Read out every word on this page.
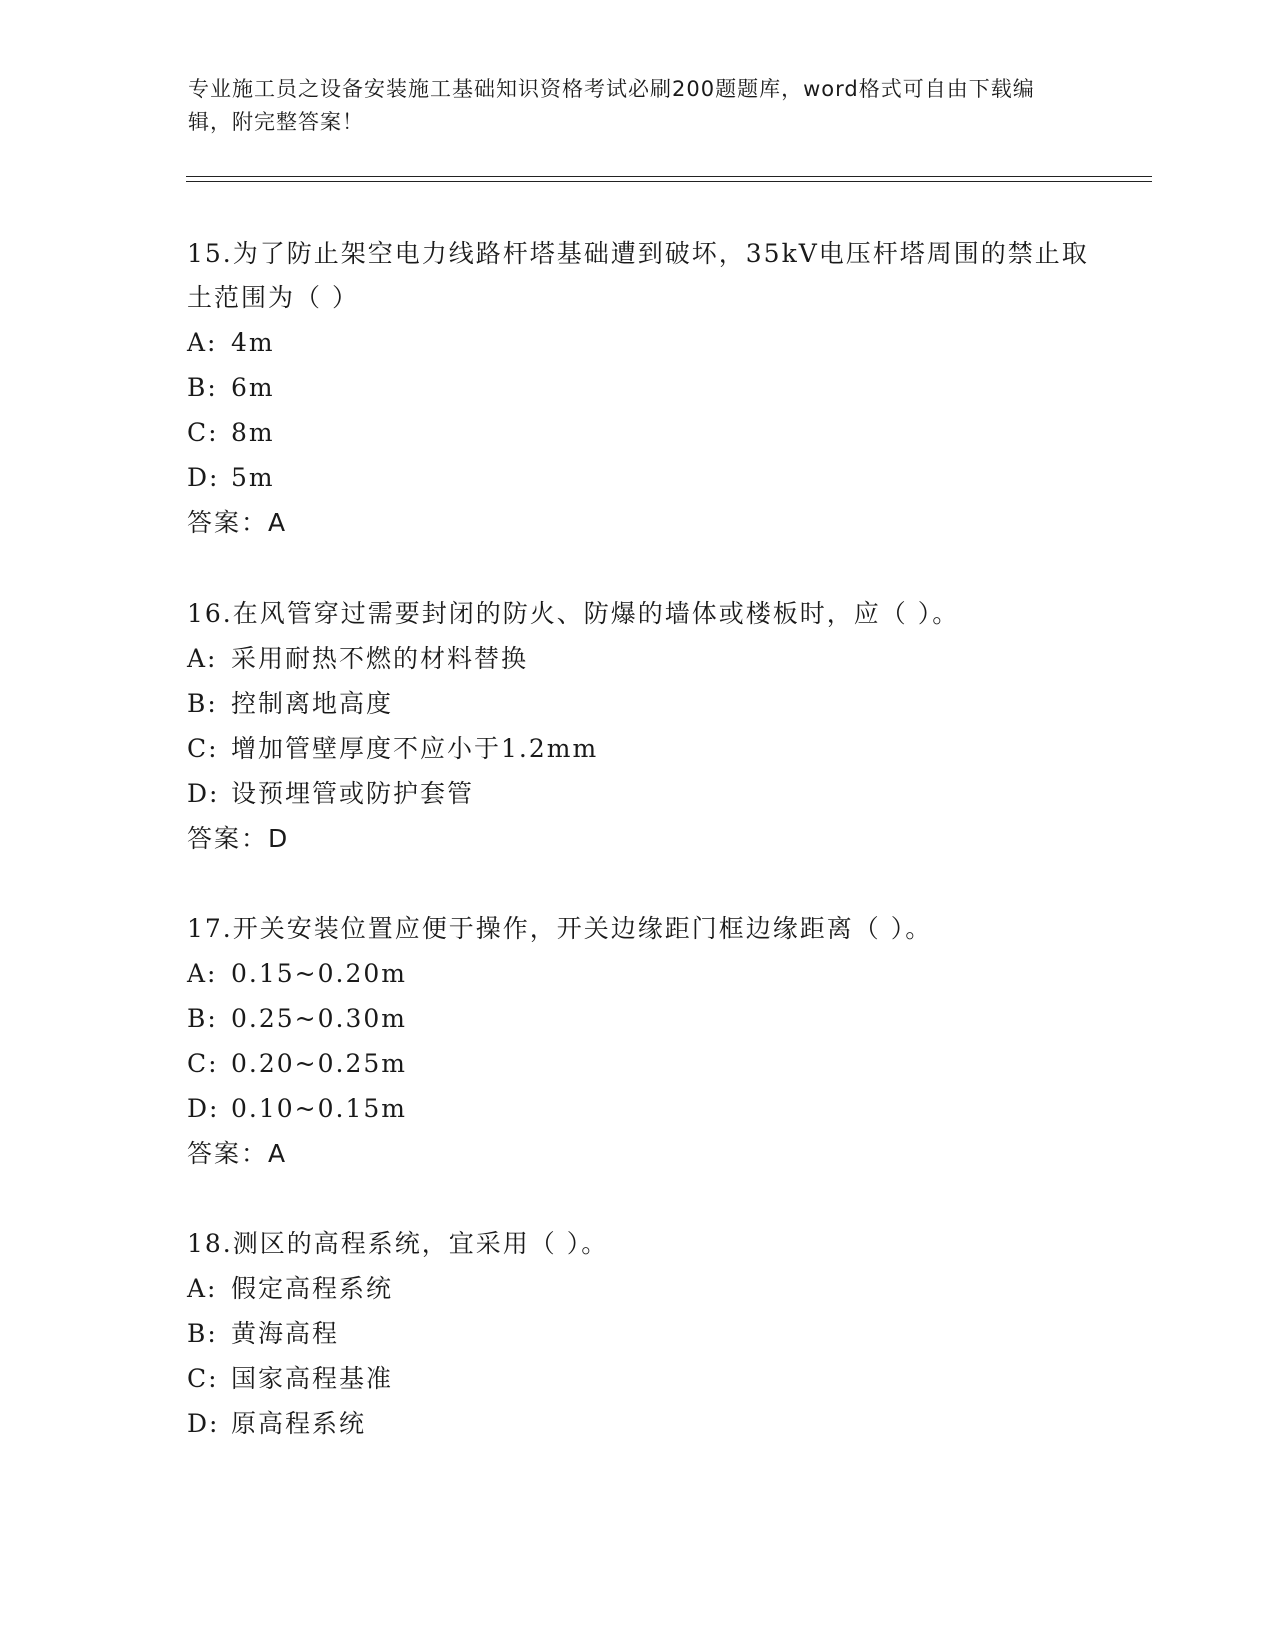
专业施工员之设备安装施工基础知识资格考试必刷200题题库，word格式可自由下载编辑，附完整答案！
15.为了防止架空电力线路杆塔基础遭到破坏，35kV电压杆塔周围的禁止取土范围为（ ）
A: 4m
B: 6m
C: 8m
D: 5m
答案：A
16.在风管穿过需要封闭的防火、防爆的墙体或楼板时，应（ ）。
A: 采用耐热不燃的材料替换
B: 控制离地高度
C: 增加管壁厚度不应小于1.2mm
D: 设预埋管或防护套管
答案：D
17.开关安装位置应便于操作，开关边缘距门框边缘距离（ ）。
A: 0.15~0.20m
B: 0.25~0.30m
C: 0.20~0.25m
D: 0.10~0.15m
答案：A
18.测区的高程系统，宜采用（ ）。
A: 假定高程系统
B: 黄海高程
C: 国家高程基准
D: 原高程系统
